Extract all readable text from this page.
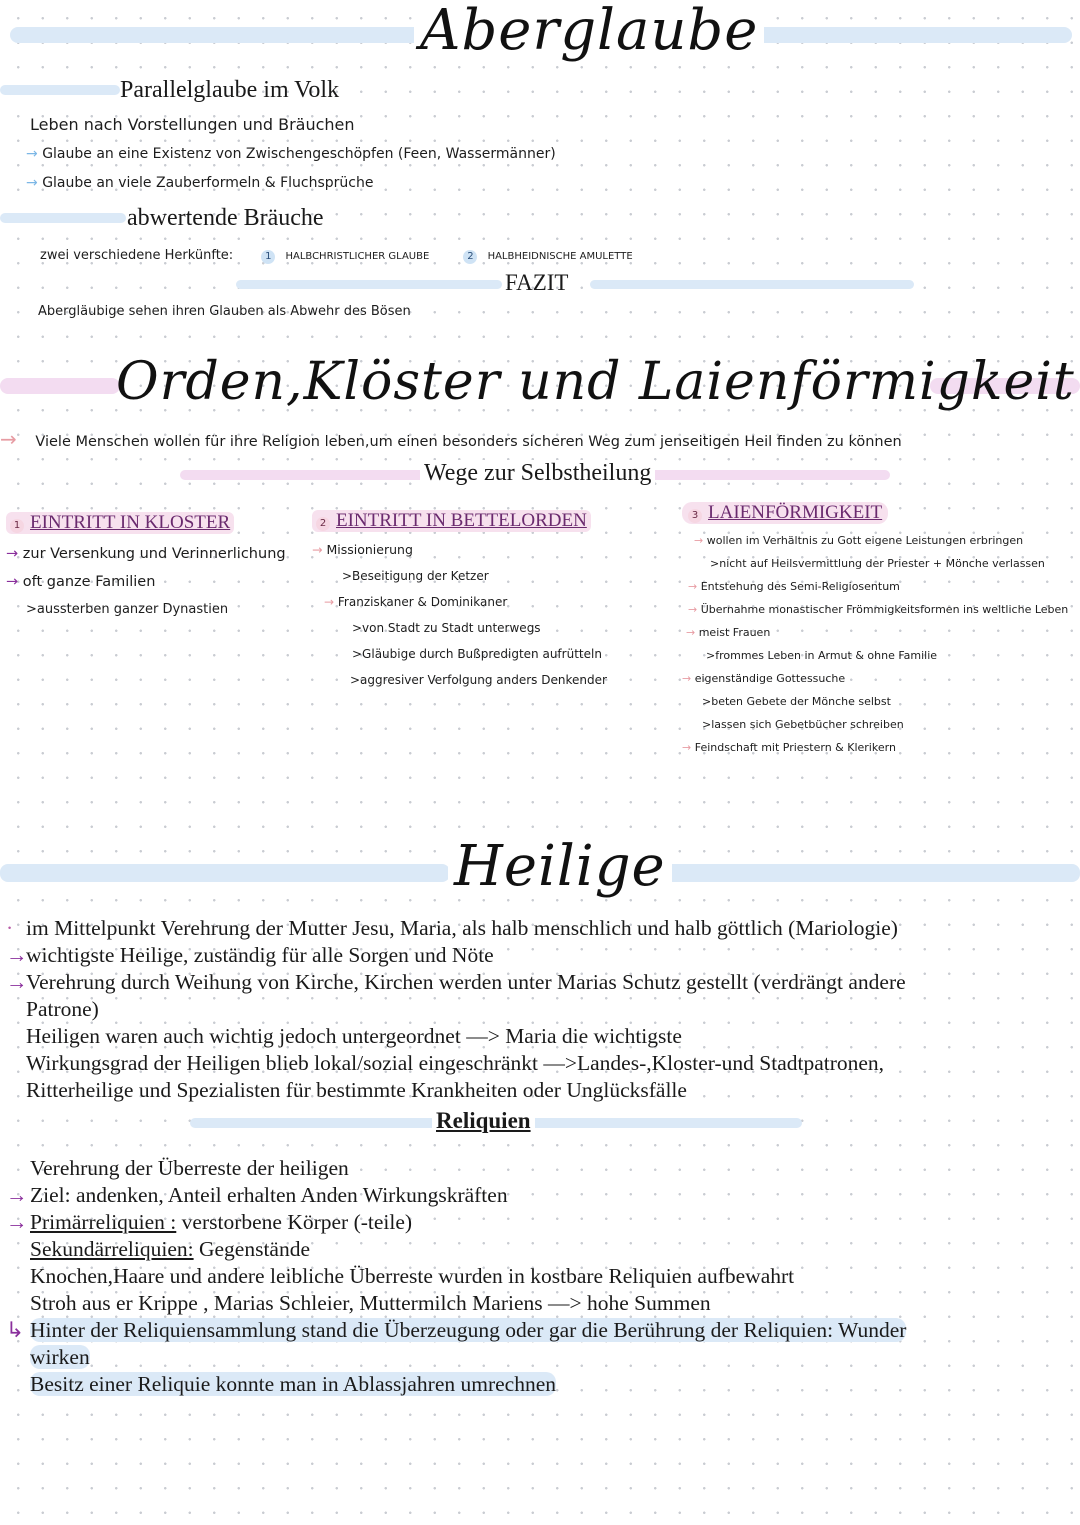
Aberglaube
Parallelglaube im Volk
Leben nach Vorstellungen und Bräuchen
→ Glaube an eine Existenz von Zwischengeschöpfen (Feen, Wassermänner)
→ Glaube an viele Zauberformeln & Fluchsprüche
abwertende Bräuche
zwei verschiedene Herkünfte:	1 HALBCHRISTLICHER GLAUBE	2 HALBHEIDNISCHE AMULETTE
FAZIT
Abergläubige sehen ihren Glauben als Abwehr des Bösen
Orden,Klöster und Laienförmigkeit
→ Viele Menschen wollen für ihre Religion leben,um einen besonders sicheren Weg zum jenseitigen Heil finden zu können
Wege zur Selbstheilung
1 EINTRITT IN KLOSTER
→ zur Versenkung und Verinnerlichung
→ oft ganze Familien
>aussterben ganzer Dynastien
2 EINTRITT IN BETTELORDEN
→ Missionierung
>Beseitigung der Ketzer
→ Franziskaner & Dominikaner
>von Stadt zu Stadt unterwegs
>Gläubige durch Bußpredigten aufrütteln
>aggresiver Verfolgung anders Denkender
3 LAIENFÖRMIGKEIT
→ wollen im Verhältnis zu Gott eigene Leistungen erbringen
>nicht auf Heilsvermittlung der Priester + Mönche verlassen
→ Entstehung des Semi-Religiosentum
→ Übernahme monastischer Frömmigkeitsformen ins weltliche Leben
→ meist Frauen
>frommes Leben in Armut & ohne Familie
→ eigenständige Gottessuche
>beten Gebete der Mönche selbst
>lassen sich Gebetbücher schreiben
→ Feindschaft mit Priestern & Klerikern
Heilige
· im Mittelpunkt Verehrung der Mutter Jesu, Maria, als halb menschlich und halb göttlich (Mariologie)
→wichtigste Heilige, zuständig für alle Sorgen und Nöte
→Verehrung durch Weihung von Kirche, Kirchen werden unter Marias Schutz gestellt (verdrängt andere
Patrone)
Heiligen waren auch wichtig jedoch untergeordnet —> Maria die wichtigste
Wirkungsgrad der Heiligen blieb lokal/sozial eingeschränkt —>Landes-,Kloster-und Stadtpatronen,
Ritterheilige und Spezialisten für bestimmte Krankheiten oder Unglücksfälle
Reliquien
Verehrung der Überreste der heiligen
→ Ziel: andenken, Anteil erhalten Anden Wirkungskräften
→ Primärreliquien : verstorbene Körper (-teile)
Sekundärreliquien: Gegenstände
Knochen,Haare und andere leibliche Überreste wurden in kostbare Reliquien aufbewahrt
Stroh aus er Krippe , Marias Schleier, Muttermilch Mariens —> hohe Summen
↳ Hinter der Reliquiensammlung stand die Überzeugung oder gar die Berührung der Reliquien: Wunder
wirken
Besitz einer Reliquie konnte man in Ablassjahren umrechnen
